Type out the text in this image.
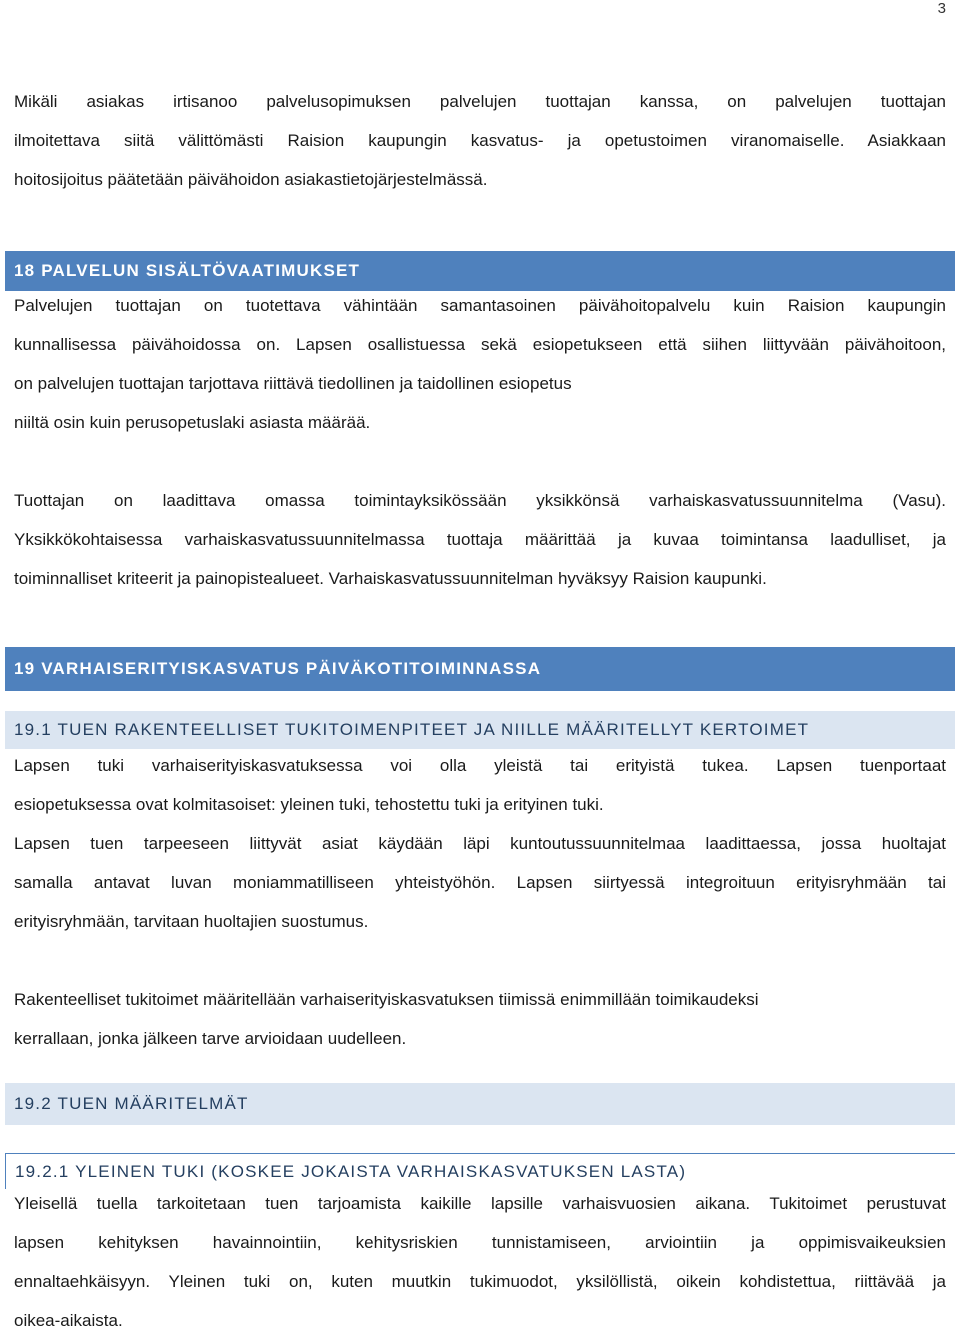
3
Mikäli asiakas irtisanoo palvelusopimuksen palvelujen tuottajan kanssa, on palvelujen tuottajan
ilmoitettava siitä välittömästi Raision kaupungin kasvatus- ja opetustoimen viranomaiselle. Asiakkaan
hoitosijoitus päätetään päivähoidon asiakastietojärjestelmässä.
18 PALVELUN SISÄLTÖVAATIMUKSET
Palvelujen tuottajan on tuotettava vähintään samantasoinen päivähoitopalvelu kuin Raision kaupungin
kunnallisessa päivähoidossa on. Lapsen osallistuessa sekä esiopetukseen että siihen liittyvään päivähoitoon,
on palvelujen tuottajan tarjottava riittävä tiedollinen ja taidollinen esiopetus
niiltä osin kuin perusopetuslaki asiasta määrää.
Tuottajan on laadittava omassa toimintayksikössään yksikkönsä varhaiskasvatussuunnitelma (Vasu).
Yksikkökohtaisessa varhaiskasvatussuunnitelmassa tuottaja määrittää ja kuvaa toimintansa laadulliset, ja
toiminnalliset kriteerit ja painopistealueet. Varhaiskasvatussuunnitelman hyväksyy Raision kaupunki.
19 VARHAISERITYISKASVATUS PÄIVÄKOTITOIMINNASSA
19.1 TUEN RAKENTEELLISET TUKITOIMENPITEET JA NIILLE MÄÄRITELLYT KERTOIMET
Lapsen tuki varhaiserityiskasvatuksessa voi olla yleistä tai erityistä tukea. Lapsen tuenportaat
esiopetuksessa ovat kolmitasoiset: yleinen tuki, tehostettu tuki ja erityinen tuki.
Lapsen tuen tarpeeseen liittyvät asiat käydään läpi kuntoutussuunnitelmaa laadittaessa, jossa huoltajat
samalla antavat luvan moniammatilliseen yhteistyöhön. Lapsen siirtyessä integroituun erityisryhmään tai
erityisryhmään, tarvitaan huoltajien suostumus.
Rakenteelliset tukitoimet määritellään varhaiserityiskasvatuksen tiimissä enimmillään toimikaudeksi
kerrallaan, jonka jälkeen tarve arvioidaan uudelleen.
19.2 TUEN MÄÄRITELMÄT
19.2.1 YLEINEN TUKI (KOSKEE JOKAISTA VARHAISKASVATUKSEN LASTA)
Yleisellä tuella tarkoitetaan tuen tarjoamista kaikille lapsille varhaisvuosien aikana. Tukitoimet perustuvat
lapsen kehityksen havainnointiin, kehitysriskien tunnistamiseen, arviointiin ja oppimisvaikeuksien
ennaltaehkäisyyn. Yleinen tuki on, kuten muutkin tukimuodot, yksilöllistä, oikein kohdistettua, riittävää ja
oikea-aikaista.
